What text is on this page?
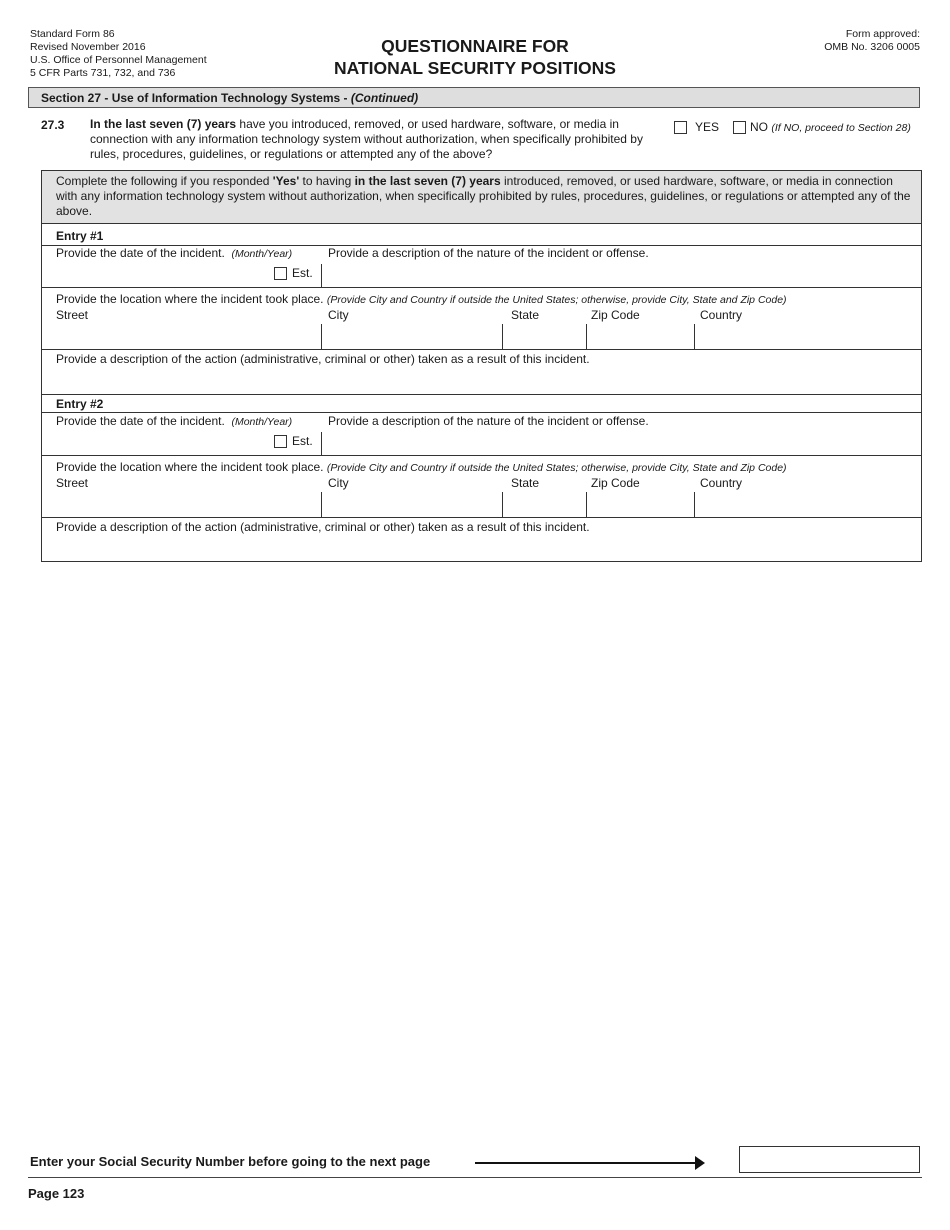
Standard Form 86
Revised November 2016
U.S. Office of Personnel Management
5 CFR Parts 731, 732, and 736
QUESTIONNAIRE FOR
NATIONAL SECURITY POSITIONS
Form approved:
OMB No. 3206 0005
Section 27 - Use of Information Technology Systems - (Continued)
27.3 In the last seven (7) years have you introduced, removed, or used hardware, software, or media in connection with any information technology system without authorization, when specifically prohibited by rules, procedures, guidelines, or regulations or attempted any of the above?
YES	NO (If NO, proceed to Section 28)
Complete the following if you responded 'Yes' to having in the last seven (7) years introduced, removed, or used hardware, software, or media in connection with any information technology system without authorization, when specifically prohibited by rules, procedures, guidelines, or regulations or attempted any of the above.
Entry #1
Provide the date of the incident. (Month/Year)
Est.
Provide a description of the nature of the incident or offense.
Provide the location where the incident took place. (Provide City and Country if outside the United States; otherwise, provide City, State and Zip Code)
Street	City	State	Zip Code	Country
Provide a description of the action (administrative, criminal or other) taken as a result of this incident.
Entry #2
Provide the date of the incident. (Month/Year)
Est.
Provide a description of the nature of the incident or offense.
Provide the location where the incident took place. (Provide City and Country if outside the United States; otherwise, provide City, State and Zip Code)
Street	City	State	Zip Code	Country
Provide a description of the action (administrative, criminal or other) taken as a result of this incident.
Enter your Social Security Number before going to the next page
Page 123
